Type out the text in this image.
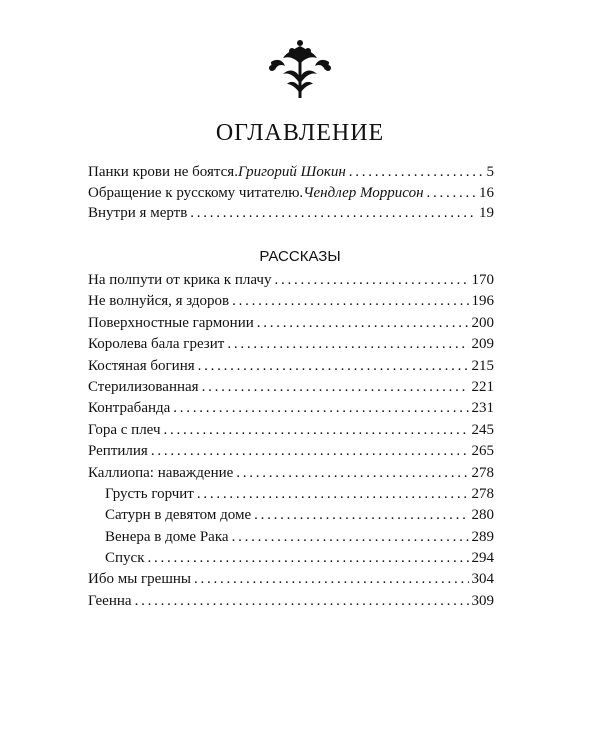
ОГЛАВЛЕНИЕ
Панки крови не боятся. Григорий Шокин . . .	5
Обращение к русскому читателю. Чендлер Моррисон . . .	16
Внутри я мертв . . .	19
РАССКАЗЫ
На полпути от крика к плачу . . .	170
Не волнуйся, я здоров . . .	196
Поверхностные гармонии . . .	200
Королева бала грезит . . .	209
Костяная богиня . . .	215
Стерилизованная . . .	221
Контрабанда . . .	231
Гора с плеч . . .	245
Рептилия . . .	265
Каллиопа: наваждение . . .	278
Грусть горчит . . .	278
Сатурн в девятом доме . . .	280
Венера в доме Рака . . .	289
Спуск . . .	294
Ибо мы грешны . . .	304
Геенна . . .	309
